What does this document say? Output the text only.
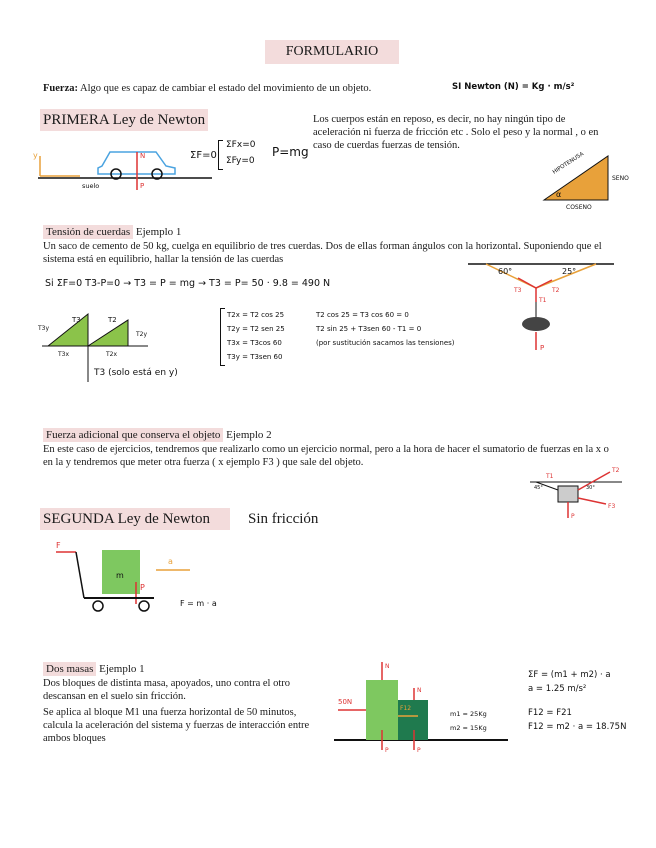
FORMULARIO
Fuerza: Algo que es capaz de cambiar el estado del movimiento de un objeto.	SI Newton (N) = Kg · m/s²
PRIMERA Ley de Newton	Los cuerpos están en reposo, es decir, no hay ningún tipo de aceleración ni fuerza de fricción etc . Solo el peso y la normal , o en caso de cuerdas fuerzas de tensión.
y	N
P
suelo
ΣF=0
ΣFx=0
ΣFy=0
P=mg	HIPOTENUSA
SENO
COSENO
α
Tensión de cuerdas Ejemplo 1
Un saco de cemento de 50 kg, cuelga en equilibrio de tres cuerdas. Dos de ellas forman ángulos con la horizontal. Suponiendo que el sistema está en equilibrio, hallar la tensión de las cuerdas
Si ΣF=0 T3-P=0 → T3 = P = mg → T3 = P= 50 · 9.8 = 490 N
60°	25°
T3	T2
T1
P
T3y
T2y
T3x	T2x
T2
T3
T3 (solo está en y)
T2x = T2 cos 25
T2y = T2 sen 25
T3x = T3cos 60
T3y = T3sen 60
T2 cos 25 = T3 cos 60 = 0
T2 sin 25 + T3sen 60 - T1 = 0
(por sustitución sacamos las tensiones)
Fuerza adicional que conserva el objeto Ejemplo 2
En este caso de ejercicios, tendremos que realizarlo como un ejercicio normal, pero a la hora de hacer el sumatorio de fuerzas en la x o en la y tendremos que meter otra fuerza ( x ejemplo F3 ) que sale del objeto.
T1
T2
F3
P
45°	30°
SEGUNDA Ley de Newton	Sin fricción
F
m
P
a
F = m · a
Dos masas Ejemplo 1
Dos bloques de distinta masa, apoyados, uno contra el otro descansan en el suelo sin fricción.
Se aplica al bloque M1 una fuerza horizontal de 50 minutos, calcula la aceleración del sistema y fuerzas de interacción entre ambos bloques
50N
N
N
F12
P	P
m1 = 25Kg
m2 = 15Kg
ΣF = (m1 + m2) · a
a = 1.25 m/s²
F12 = F21
F12 = m2 · a = 18.75N
